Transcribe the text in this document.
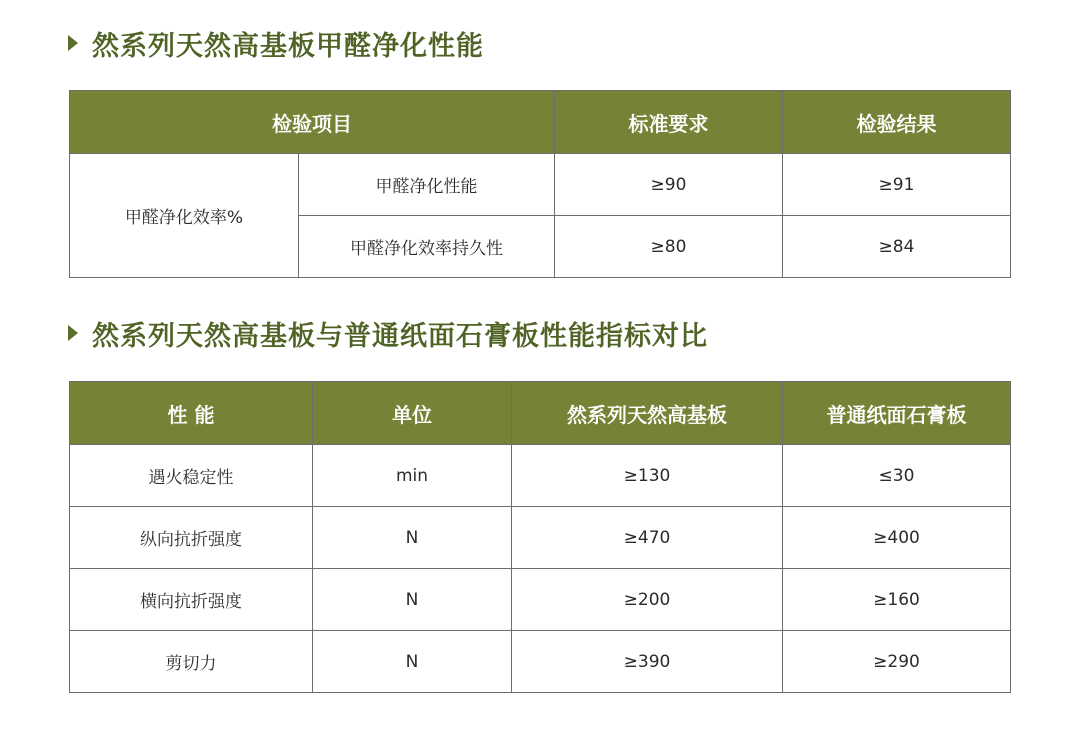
然系列天然高基板甲醛净化性能
检验项目		标准要求	检验结果
甲醛净化效率%	甲醛净化性能	≥90	≥91
	甲醛净化效率持久性	≥80	≥84
然系列天然高基板与普通纸面石膏板性能指标对比
性 能	单位	然系列天然高基板	普通纸面石膏板
遇火稳定性	min	≥130	≤30
纵向抗折强度	N	≥470	≥400
横向抗折强度	N	≥200	≥160
剪切力	N	≥390	≥290
